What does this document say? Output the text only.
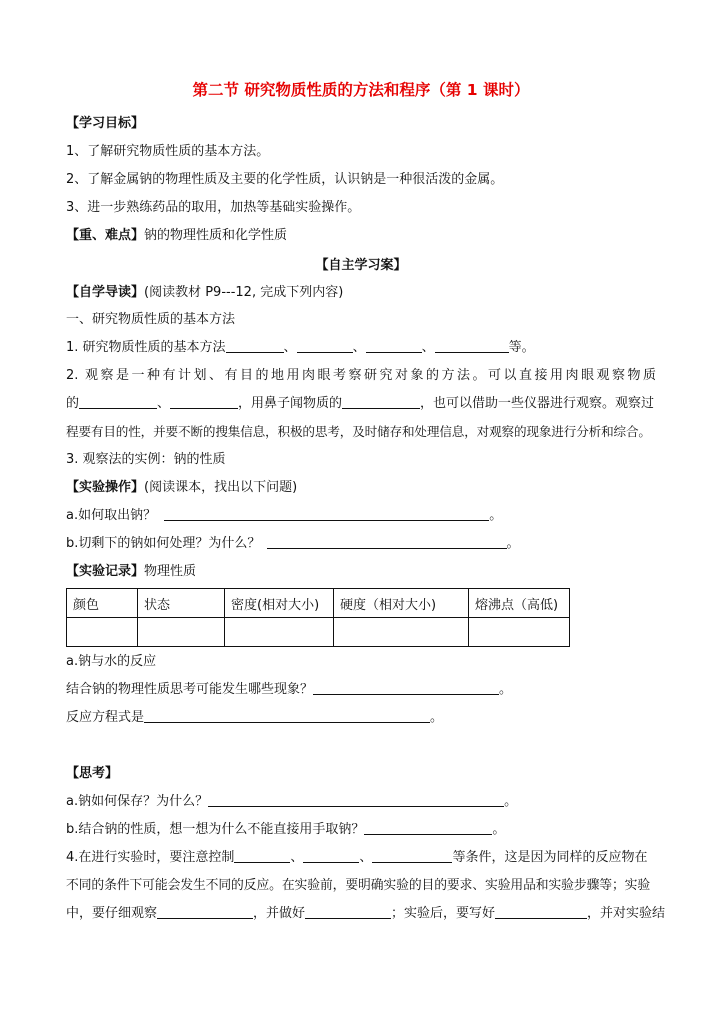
第二节 研究物质性质的方法和程序（第 1 课时）
【学习目标】
1、了解研究物质性质的基本方法。
2、了解金属钠的物理性质及主要的化学性质，认识钠是一种很活泼的金属。
3、进一步熟练药品的取用，加热等基础实验操作。
【重、难点】钠的物理性质和化学性质
【自主学习案】
【自学导读】(阅读教材 P9---12, 完成下列内容)
一、研究物质性质的基本方法
1. 研究物质性质的基本方法	、	、	、	等。
2. 观察是一种有计划、有目的地用肉眼考察研究对象的方法。可以直接用肉眼观察物质
的	、	，用鼻子闻物质的	，也可以借助一些仪器进行观察。观察过
程要有目的性，并要不断的搜集信息，积极的思考，及时储存和处理信息，对观察的现象进行分析和综合。
3. 观察法的实例：钠的性质
【实验操作】(阅读课本，找出以下问题)
a.如何取出钠？	。
b.切剩下的钠如何处理？为什么？	。
【实验记录】物理性质
颜色	状态	密度(相对大小)	硬度（相对大小)	熔沸点（高低)

a.钠与水的反应
结合钠的物理性质思考可能发生哪些现象？	。
反应方程式是	。
【思考】
a.钠如何保存？为什么？	。
b.结合钠的性质，想一想为什么不能直接用手取钠？	。
4.在进行实验时，要注意控制	、	、	等条件，这是因为同样的反应物在
不同的条件下可能会发生不同的反应。在实验前，要明确实验的目的要求、实验用品和实验步骤等；实验
中，要仔细观察	，并做好	；实验后，要写好	，并对实验结
